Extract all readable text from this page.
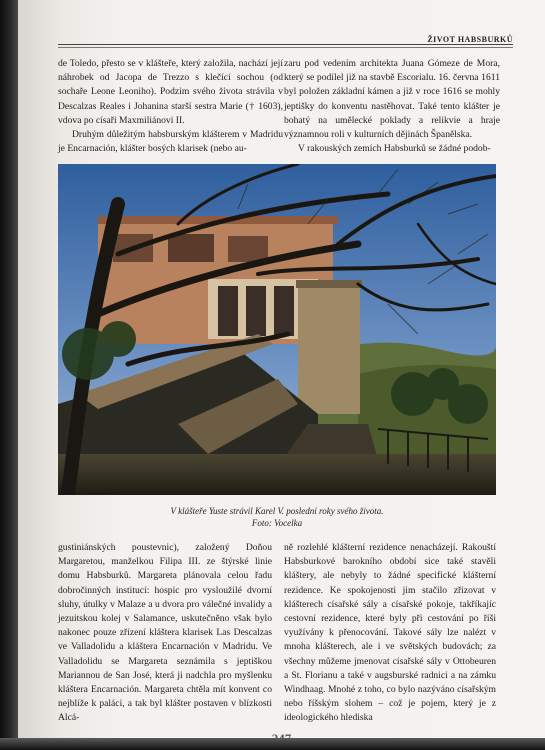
ŽIVOT HABSBURKŮ

de Toledo, přesto se v klášteře, který založila, nachází její náhrobek od Jacopa de Trezzo s klečící sochou (od sochaře Leone Leoniho). Podzim svého života strávila v Descalzas Reales i Johanina starší sestra Marie († 1603), vdova po císaři Maxmiliánovi II.

Druhým důležitým habsburským klášterem v Madridu je Encarnación, klášter bosých klarisek (nebo au-

zaru pod vedením architekta Juana Gómeze de Mora, který se podílel již na stavbě Escorialu. 16. června 1611 byl položen základní kámen a již v roce 1616 se mohly jeptišky do konventu nastěhovat. Také tento klášter je bohatý na umělecké poklady a relikvie a hraje významnou roli v kulturních dějinách Španělska.

V rakouských zemích Habsburků se žádné podob-

V klášteře Yuste strávil Karel V. poslední roky svého života.
Foto: Vocelka

gustiniánských poustevnic), založený Doňou Margaretou, manželkou Filipa III. ze štýrské linie domu Habsburků. Margareta plánovala celou řadu dobročinných institucí: hospic pro vysloužilé dvorní sluhy, útulky v Malaze a u dvora pro válečné invalidy a jezuitskou kolej v Salamance, uskutečněno však bylo nakonec pouze zřízení kláštera klarisek Las Descalzas ve Valladolidu a kláštera Encarnación v Madridu. Ve Valladolidu se Margareta seznámila s jeptiškou Mariannou de San José, která ji nadchla pro myšlenku kláštera Encarnación. Margareta chtěla mít konvent co nejblíže k paláci, a tak byl klášter postaven v blízkosti Alcá-

ně rozlehlé klášterní rezidence nenacházejí. Rakouští Habsburkové barokního období sice také stavěli kláštery, ale nebyly to žádné specifické klášterní rezidence. Ke spokojenosti jim stačilo zřizovat v klášterech císařské sály a císařské pokoje, takříkajíc cestovní rezidence, které byly při cestování po říši využívány k přenocování. Takové sály lze nalézt v mnoha klášterech, ale i ve světských budovách; za všechny můžeme jmenovat císařské sály v Ottobeuren a St. Florianu a také v augsburské radnici a na zámku Windhaag. Mnohé z toho, co bylo nazýváno císařským nebo říšským slohem – což je pojem, který je z ideologického hlediska
